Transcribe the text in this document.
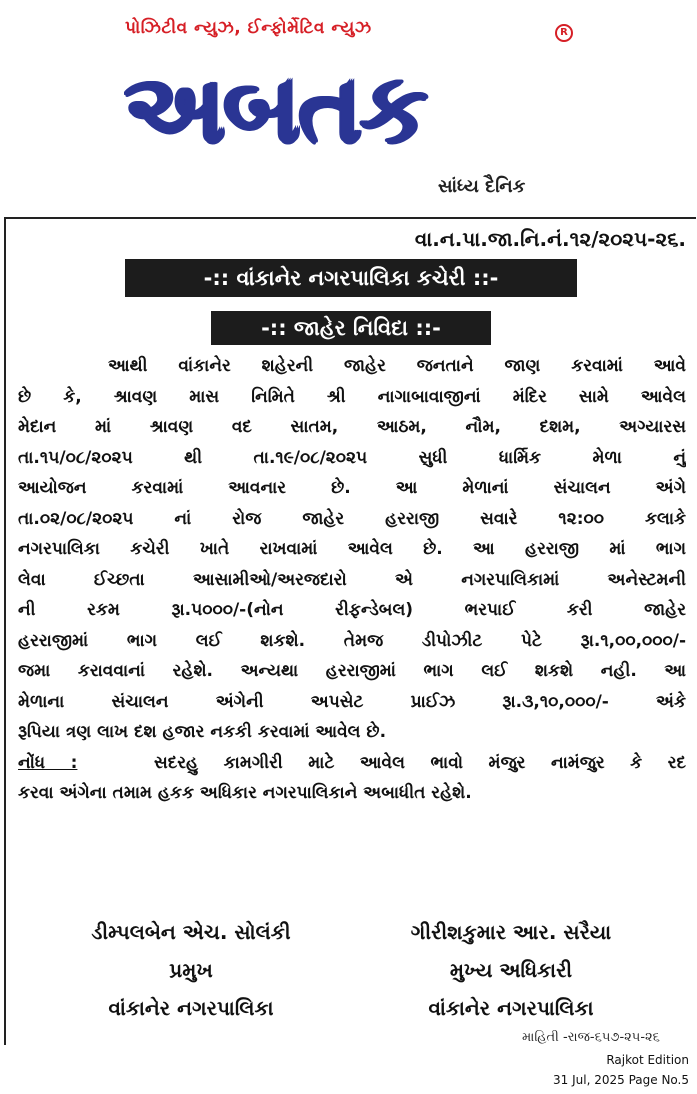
પોઝિટીવ ન્યુઝ, ઈન્ફોર્મેટિવ ન્યુઝ	R
અબતક
સાંધ્ય દૈનિક
વા.ન.પા.જા.નિ.નં.૧૨/૨૦૨૫-૨૬.
-:: વાંકાનેર નગરપાલિકા કચેરી ::-
-:: જાહેર નિવિદા ::-
આથી વાંકાનેર શહેરની જાહેર જનતાને જાણ કરવામાં આવે
છે કે, શ્રાવણ માસ નિમિતે શ્રી નાગાબાવાજીનાં મંદિર સામે આવેલ
મેદાન માં શ્રાવણ વદ સાતમ, આઠમ, નૌમ, દશમ, અગ્યારસ
તા.૧૫/૦૮/૨૦૨૫ થી તા.૧૯/૦૮/૨૦૨૫ સુધી ધાર્મિક મેળા નું
આયોજન કરવામાં આવનાર છે. આ મેળાનાં સંચાલન અંગે
તા.૦૨/૦૮/૨૦૨૫ નાં રોજ જાહેર હરરાજી સવારે ૧૨:૦૦ કલાકે
નગરપાલિકા કચેરી ખાતે રાખવામાં આવેલ છે. આ હરરાજી માં ભાગ
લેવા ઈચ્છતા આસામીઓ/અરજદારો એ નગરપાલિકામાં અનેસ્ટમની
ની રકમ રૂા.૫૦૦૦/-(નોન રીફન્ડેબલ) ભરપાઈ કરી જાહેર
હરરાજીમાં ભાગ લઈ શકશે. તેમજ ડીપોઝીટ પેટે રૂા.૧,૦૦,૦૦૦/-
જમા કરાવવાનાં રહેશે. અન્યથા હરરાજીમાં ભાગ લઈ શકશે નહી. આ
મેળાના સંચાલન અંગેની અપસેટ પ્રાઈઝ રૂા.૩,૧૦,૦૦૦/- અંકે
રૂપિયા ત્રણ લાખ દશ હજાર નકકી કરવામાં આવેલ છે.
નોંધ :	સદરહુ કામગીરી માટે આવેલ ભાવો મંજુર નામંજુર કે રદ
કરવા અંગેના તમામ હકક અધિકાર નગરપાલિકાને અબાધીત રહેશે.
ડીમ્પલબેન એચ. સોલંકી
પ્રમુખ
વાંકાનેર નગરપાલિકા
ગીરીશકુમાર આર. સરૈયા
મુખ્ય અધિકારી
વાંકાનેર નગરપાલિકા
માહિતી -રાજ-૬૫૭-૨૫-૨૬
Rajkot Edition
31 Jul, 2025 Page No.5
